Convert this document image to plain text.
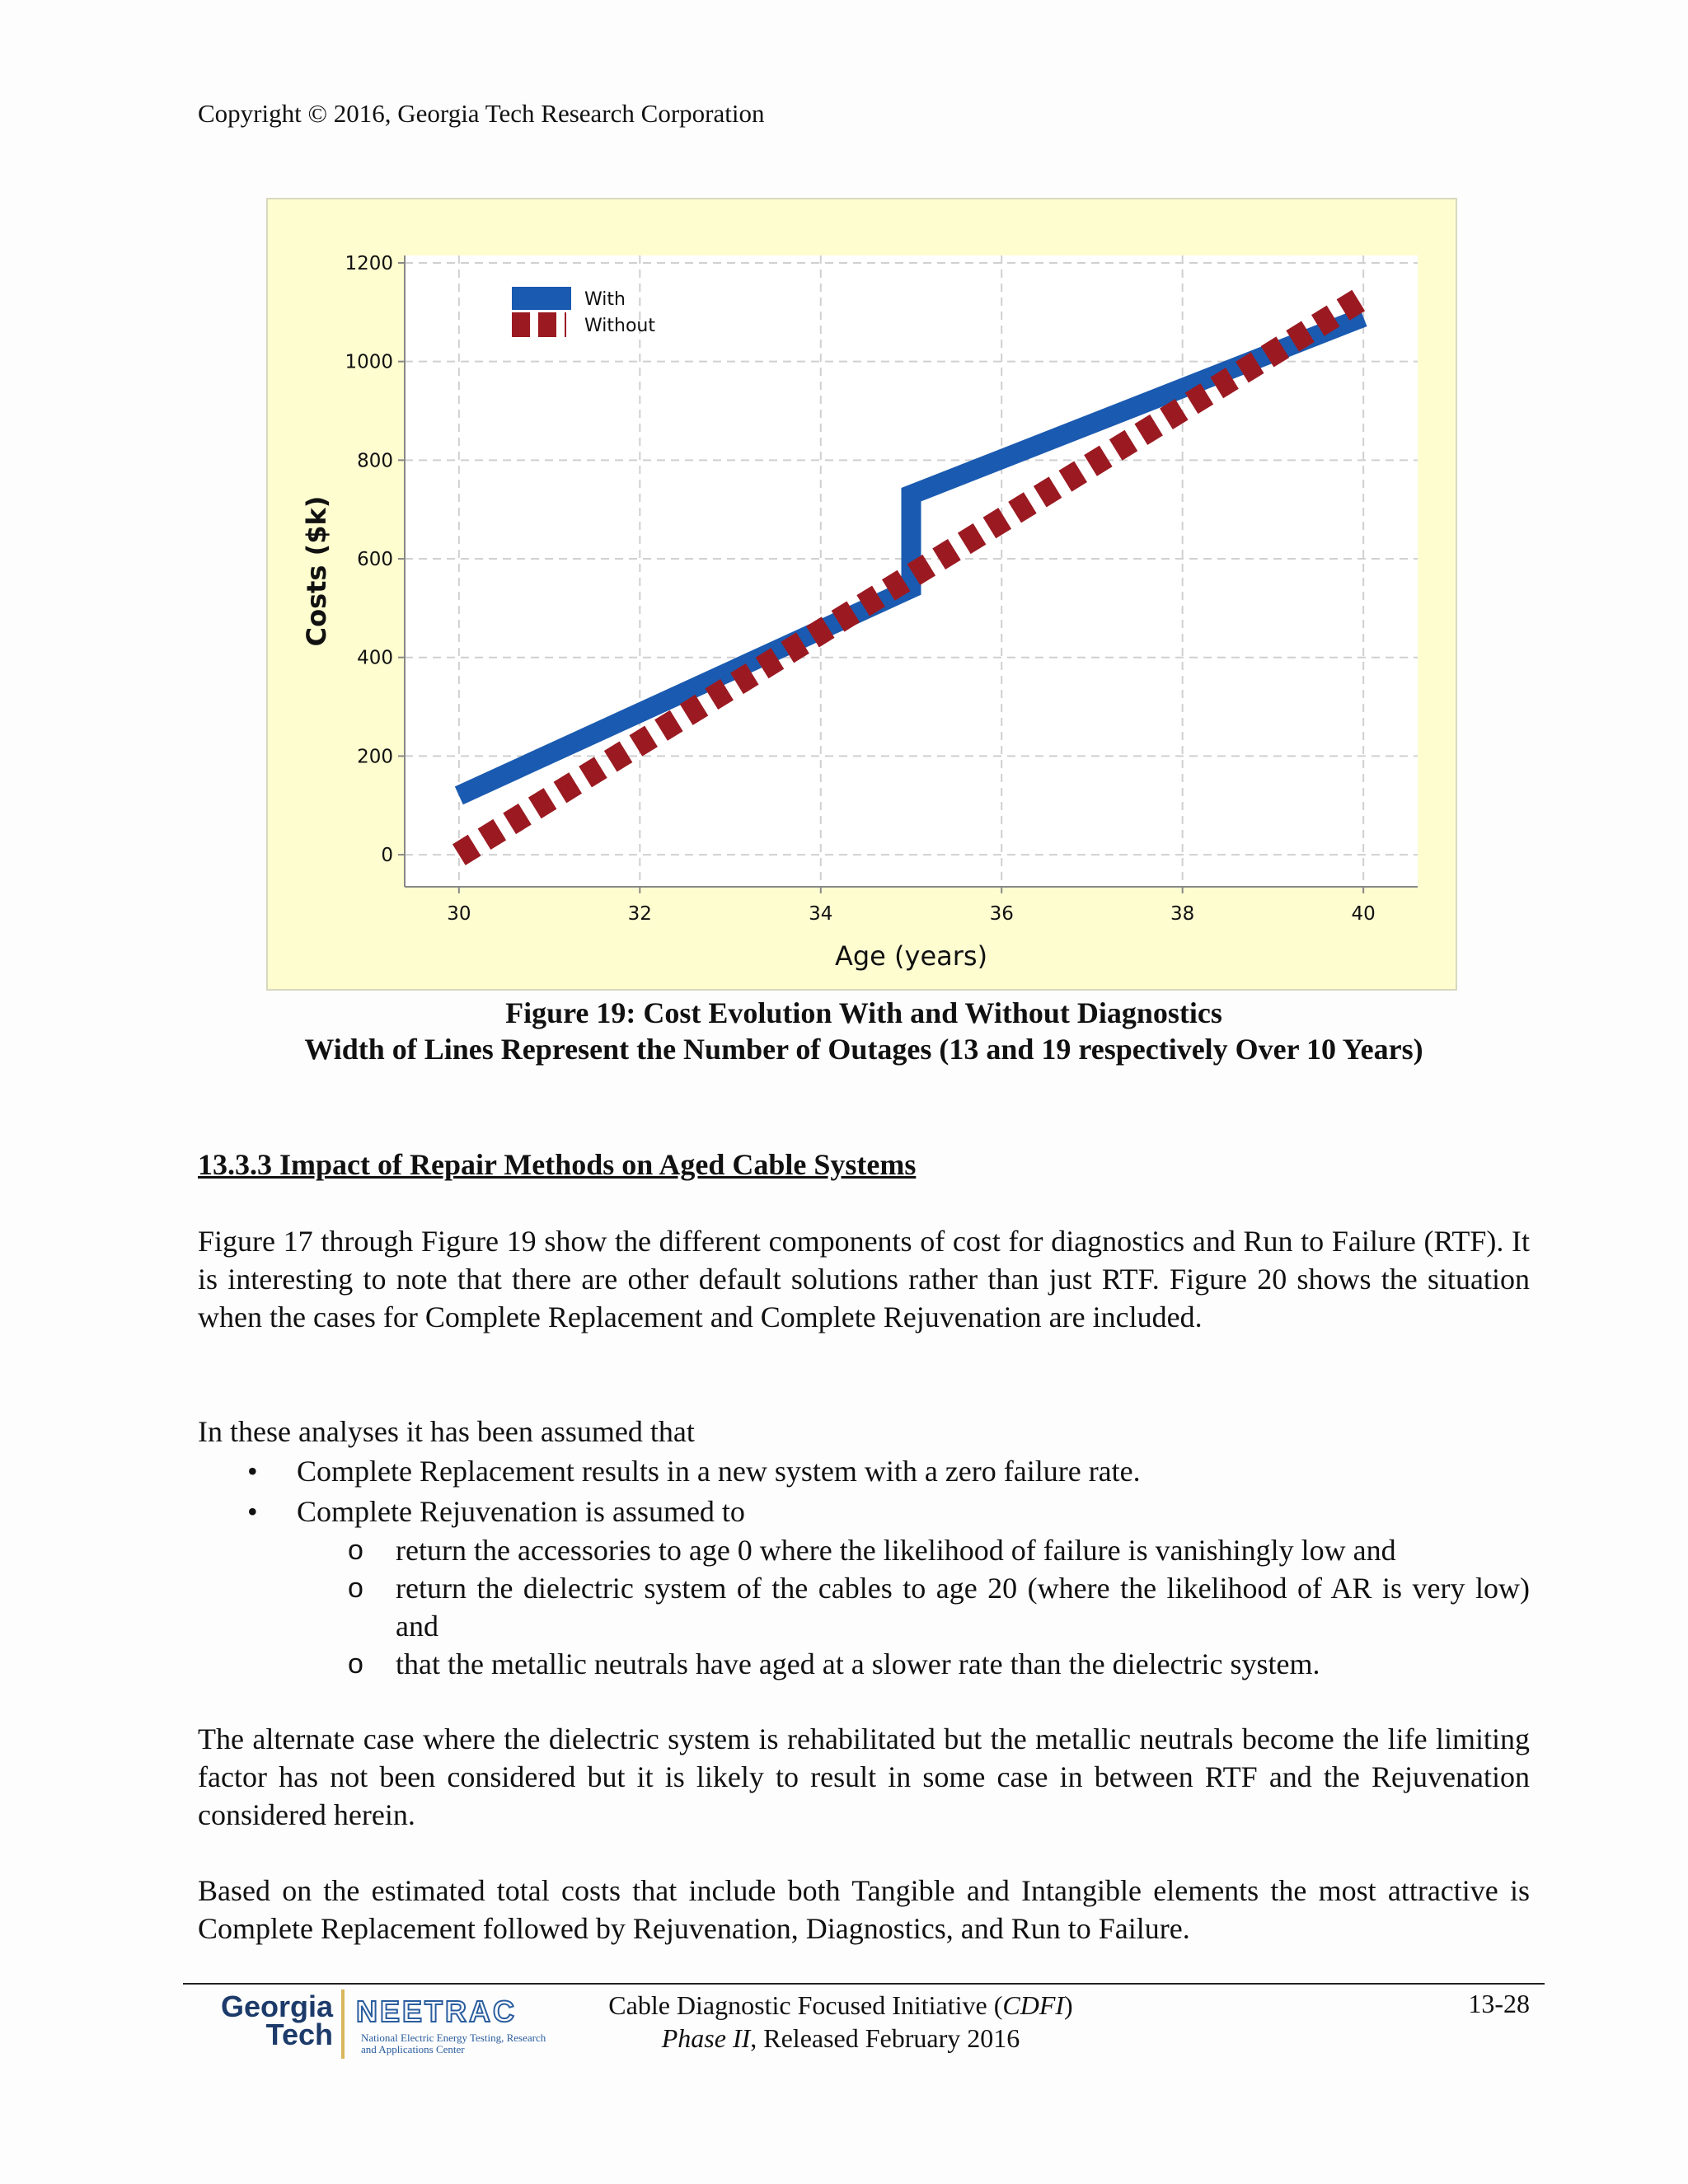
Copyright © 2016, Georgia Tech Research Corporation
30	32	34	36	38	40
0
200
400
600
800
1000
1200
Age (years)
Costs ($k)
With
Without
Figure 19: Cost Evolution With and Without Diagnostics
Width of Lines Represent the Number of Outages (13 and 19 respectively Over 10 Years)
13.3.3 Impact of Repair Methods on Aged Cable Systems

Figure 17 through Figure 19 show the different components of cost for diagnostics and Run to Failure (RTF). It is interesting to note that there are other default solutions rather than just RTF. Figure 20 shows the situation when the cases for Complete Replacement and Complete Rejuvenation are included.

In these analyses it has been assumed that

• Complete Replacement results in a new system with a zero failure rate.
• Complete Rejuvenation is assumed to
o return the accessories to age 0 where the likelihood of failure is vanishingly low and
o return the dielectric system of the cables to age 20 (where the likelihood of AR is very low) and
o that the metallic neutrals have aged at a slower rate than the dielectric system.

The alternate case where the dielectric system is rehabilitated but the metallic neutrals become the life limiting factor has not been considered but it is likely to result in some case in between RTF and the Rejuvenation considered herein.

Based on the estimated total costs that include both Tangible and Intangible elements the most attractive is Complete Replacement followed by Rejuvenation, Diagnostics, and Run to Failure.

Georgia
Tech
NEETRAC
National Electric Energy Testing, Research and Applications Center
Cable Diagnostic Focused Initiative (CDFI)
Phase II, Released February 2016
13-28
